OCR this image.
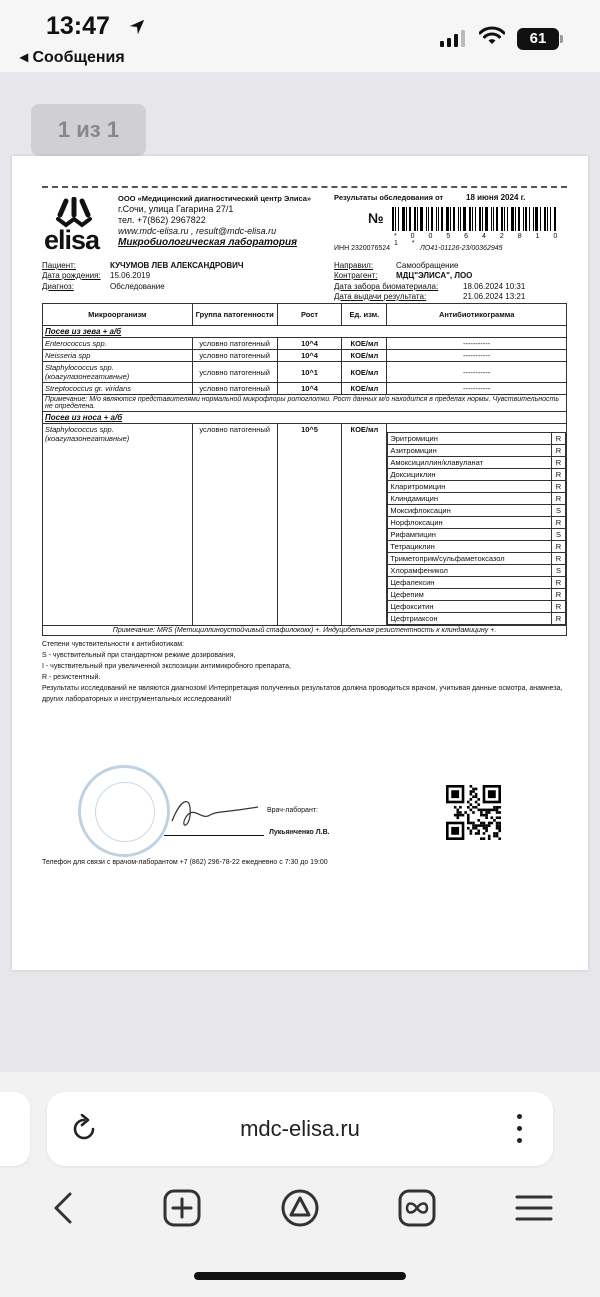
13:47
◂ Сообщения
61
1 из 1
elisa
ООО «Медицинский диагностический центр Элиса»
г.Сочи, улица Гагарина 27/1
тел. +7(862) 2967822
www.mdc-elisa.ru , result@mdc-elisa.ru
Микробиологическая лаборатория
Результаты обследования от	18 июня 2024 г.
№
* 0 0 5 6 4 2 8 1 0 1 *
ИНН 2320076524	ЛО41-01126-23/00362945
Пациент:	КУЧУМОВ ЛЕВ АЛЕКСАНДРОВИЧ
Дата рождения: 15.06.2019
Диагноз:	Обследование
Направил:	Самообращение
Контрагент: МДЦ"ЭЛИСА", ЛОО
Дата забора биоматериала:	18.06.2024 10:31
Дата выдачи результата:	21.06.2024 13:21
Микроорганизм	Группа патогенности	Рост	Ед. изм.	Антибиотикограмма
Посев из зева + а/б
Enterococcus spp.	условно патогенный	10^4	КОЕ/мл	-----------
Neisseria spp	условно патогенный	10^4	КОЕ/мл	-----------
Staphylococcus spp. (коагулазонегативные)	условно патогенный	10^1	КОЕ/мл	-----------
Streptococcus gr. viridans	условно патогенный	10^4	КОЕ/мл	-----------
Примечание: М/о являются представителями нормальной микрофлоры ротоглотки. Рост данных м/о находится в пределах нормы. Чувствительность не определена.
Посев из носа + а/б
Staphylococcus spp. (коагулазонегативные)	условно патогенный	10^5	КОЕ/мл	
Эритромицин	R
Азитромицин	R
Амоксициллин/клавуланат	R
Доксициклин	R
Кларитромицин	R
Клиндамицин	R
Моксифлоксацин	S
Норфлоксацин	R
Рифампицин	S
Тетрациклин	R
Триметоприм/сульфаметоксазол	R
Хлорамфеникол	S
Цефалексин	R
Цефепим	R
Цефокситин	R
Цефтриаксон	R

Примечание: MRS (Метициллинoустойчивый стафилококк) +. Индуцибельная резистентность к клиндамицину +.
Степени чувствительности к антибиотикам:
S - чувствительный при стандартном режиме дозирования,
I - чувствительный при увеличенной экспозиции антимикробного препарата,
R - резистентный.
Результаты исследований не являются диагнозом! Интерпретация полученных результатов должна проводиться врачом, учитывая данные осмотра, анамнеза, других лабораторных и инструментальных исследований!
Врач-лаборант:
Лукьянченко Л.В.
Телефон для связи с врачом-лаборантом +7 (862) 296-78-22 ежедневно с 7:30 до 19:00
mdc-elisa.ru
